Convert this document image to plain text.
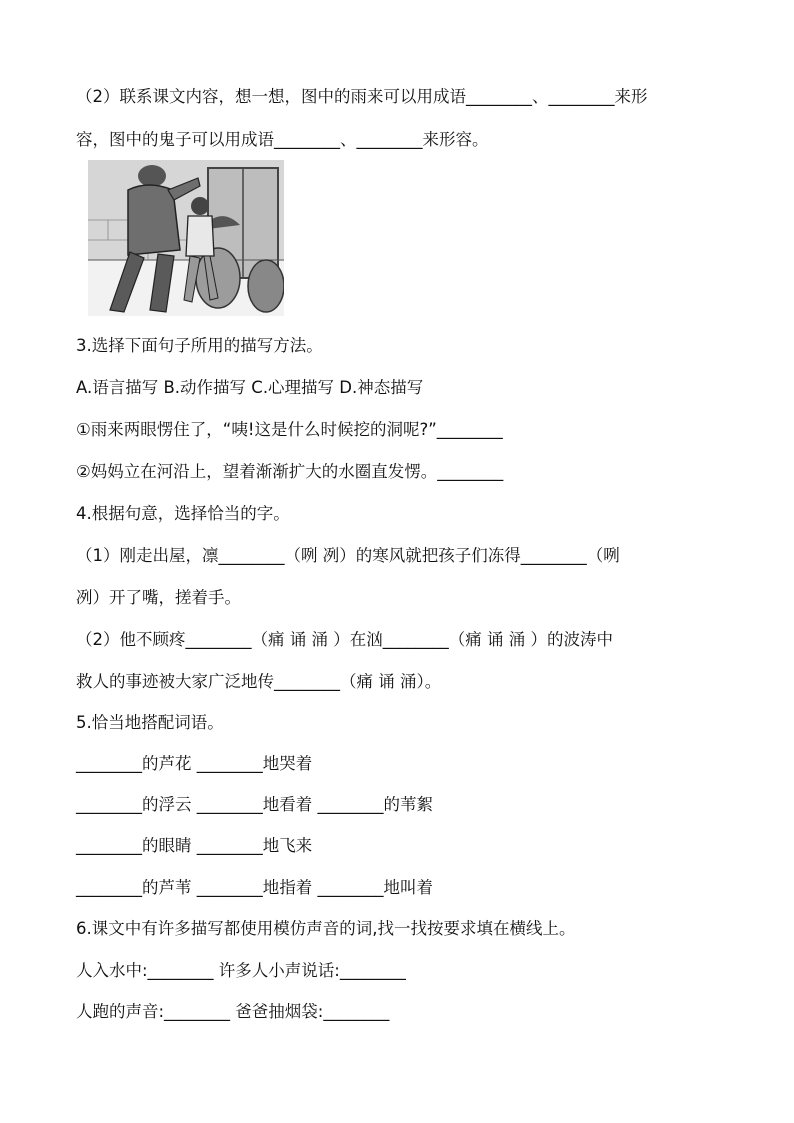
（2）联系课文内容，想一想，图中的雨来可以用成语________、________来形
容，图中的鬼子可以用成语________、________来形容。
3.选择下面句子所用的描写方法。
A.语言描写 B.动作描写 C.心理描写 D.神态描写
①雨来两眼愣住了，“咦!这是什么时候挖的洞呢?”________
②妈妈立在河沿上，望着渐渐扩大的水圈直发愣。________
4.根据句意，选择恰当的字。
（1）刚走出屋，凛________（咧 冽）的寒风就把孩子们冻得________（咧
冽）开了嘴，搓着手。
（2）他不顾疼________（痛 诵 涌 ）在汹________（痛 诵 涌 ）的波涛中
救人的事迹被大家广泛地传________（痛 诵 涌）。
5.恰当地搭配词语。
________的芦花 ________地哭着
________的浮云 ________地看着 ________的苇絮
________的眼睛 ________地飞来
________的芦苇 ________地指着 ________地叫着
6.课文中有许多描写都使用模仿声音的词,找一找按要求填在横线上。
人入水中:________ 许多人小声说话:________
人跑的声音:________ 爸爸抽烟袋:________
